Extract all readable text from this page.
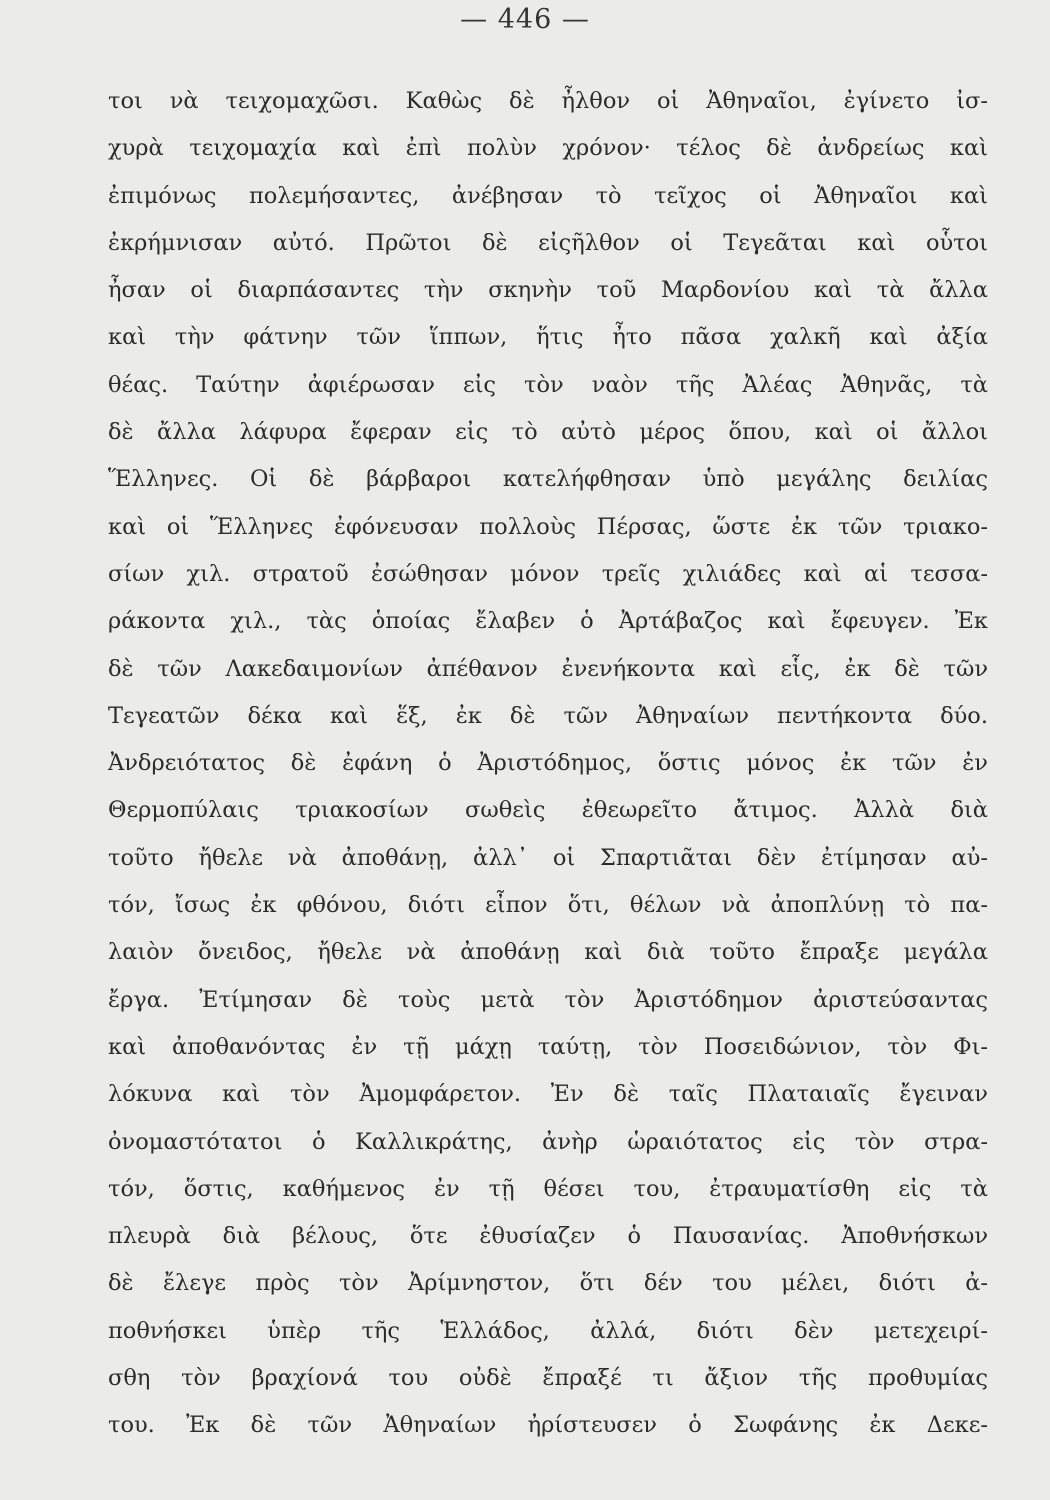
— 446 —
τοι νὰ τειχομαχῶσι. Καθὼς δὲ ἦλθον οἱ Ἀθηναῖοι, ἐγίνετο ἰσ-
χυρὰ τειχομαχία καὶ ἐπὶ πολὺν χρόνον· τέλος δὲ ἀνδρείως καὶ
ἐπιμόνως πολεμήσαντες, ἀνέβησαν τὸ τεῖχος οἱ Ἀθηναῖοι καὶ
ἐκρήμνισαν αὐτό. Πρῶτοι δὲ εἰςῆλθον οἱ Τεγεᾶται καὶ οὗτοι
ἦσαν οἱ διαρπάσαντες τὴν σκηνὴν τοῦ Μαρδονίου καὶ τὰ ἄλλα
καὶ τὴν φάτνην τῶν ἵππων, ἥτις ἦτο πᾶσα χαλκῆ καὶ ἀξία
θέας. Ταύτην ἀφιέρωσαν εἰς τὸν ναὸν τῆς Ἀλέας Ἀθηνᾶς, τὰ
δὲ ἄλλα λάφυρα ἔφεραν εἰς τὸ αὐτὸ μέρος ὅπου, καὶ οἱ ἄλλοι
Ἕλληνες. Οἱ δὲ βάρβαροι κατελήφθησαν ὑπὸ μεγάλης δειλίας
καὶ οἱ Ἕλληνες ἐφόνευσαν πολλοὺς Πέρσας, ὥστε ἐκ τῶν τριακο-
σίων χιλ. στρατοῦ ἐσώθησαν μόνον τρεῖς χιλιάδες καὶ αἱ τεσσα-
ράκοντα χιλ., τὰς ὁποίας ἔλαβεν ὁ Ἀρτάβαζος καὶ ἔφευγεν. Ἐκ
δὲ τῶν Λακεδαιμονίων ἀπέθανον ἐνενήκοντα καὶ εἷς, ἐκ δὲ τῶν
Τεγεατῶν δέκα καὶ ἕξ, ἐκ δὲ τῶν Ἀθηναίων πεντήκοντα δύο.
Ἀνδρειότατος δὲ ἐφάνη ὁ Ἀριστόδημος, ὅστις μόνος ἐκ τῶν ἐν
Θερμοπύλαις τριακοσίων σωθεὶς ἐθεωρεῖτο ἄτιμος. Ἀλλὰ διὰ
τοῦτο ἤθελε νὰ ἀποθάνῃ, ἀλλ᾽ οἱ Σπαρτιᾶται δὲν ἐτίμησαν αὐ-
τόν, ἴσως ἐκ φθόνου, διότι εἶπον ὅτι, θέλων νὰ ἀποπλύνῃ τὸ πα-
λαιὸν ὄνειδος, ἤθελε νὰ ἀποθάνῃ καὶ διὰ τοῦτο ἔπραξε μεγάλα
ἔργα. Ἐτίμησαν δὲ τοὺς μετὰ τὸν Ἀριστόδημον ἀριστεύσαντας
καὶ ἀποθανόντας ἐν τῇ μάχῃ ταύτῃ, τὸν Ποσειδώνιον, τὸν Φι-
λόκυνα καὶ τὸν Ἀμομφάρετον. Ἐν δὲ ταῖς Πλαταιαῖς ἔγειναν
ὀνομαστότατοι ὁ Καλλικράτης, ἀνὴρ ὡραιότατος εἰς τὸν στρα-
τόν, ὅστις, καθήμενος ἐν τῇ θέσει του, ἐτραυματίσθη εἰς τὰ
πλευρὰ διὰ βέλους, ὅτε ἐθυσίαζεν ὁ Παυσανίας. Ἀποθνήσκων
δὲ ἔλεγε πρὸς τὸν Ἀρίμνηστον, ὅτι δέν του μέλει, διότι ἀ-
ποθνήσκει ὑπὲρ τῆς Ἑλλάδος, ἀλλά, διότι δὲν μετεχειρί-
σθη τὸν βραχίονά του οὐδὲ ἔπραξέ τι ἄξιον τῆς προθυμίας
του. Ἐκ δὲ τῶν Ἀθηναίων ἠρίστευσεν ὁ Σωφάνης ἐκ Δεκε-
